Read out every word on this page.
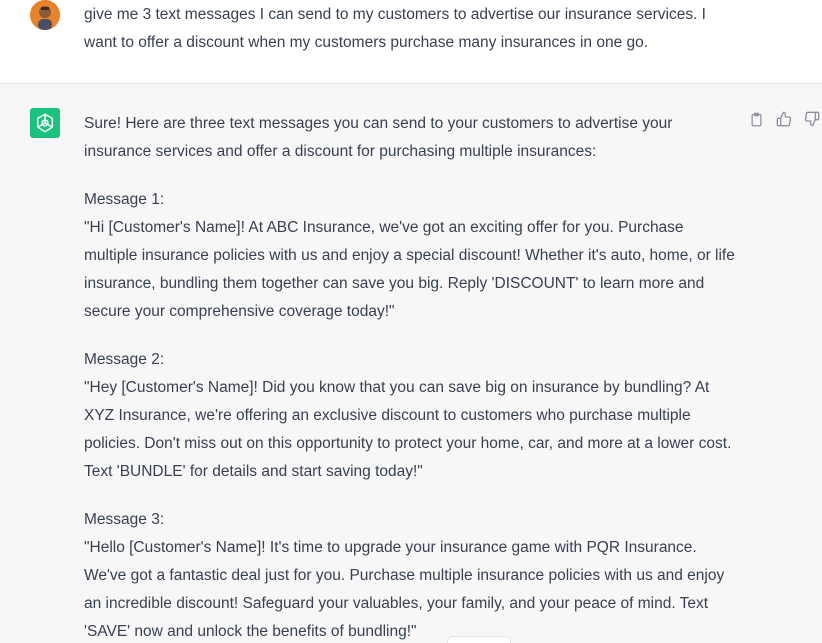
give me 3 text messages I can send to my customers to advertise our insurance services. I want to offer a discount when my customers purchase many insurances in one go.

Sure! Here are three text messages you can send to your customers to advertise your insurance services and offer a discount for purchasing multiple insurances:

Message 1:
"Hi [Customer's Name]! At ABC Insurance, we've got an exciting offer for you. Purchase multiple insurance policies with us and enjoy a special discount! Whether it's auto, home, or life insurance, bundling them together can save you big. Reply 'DISCOUNT' to learn more and secure your comprehensive coverage today!"

Message 2:
"Hey [Customer's Name]! Did you know that you can save big on insurance by bundling? At XYZ Insurance, we're offering an exclusive discount to customers who purchase multiple policies. Don't miss out on this opportunity to protect your home, car, and more at a lower cost. Text 'BUNDLE' for details and start saving today!"

Message 3:
"Hello [Customer's Name]! It's time to upgrade your insurance game with PQR Insurance. We've got a fantastic deal just for you. Purchase multiple insurance policies with us and enjoy an incredible discount! Safeguard your valuables, your family, and your peace of mind. Text 'SAVE' now and unlock the benefits of bundling!"
